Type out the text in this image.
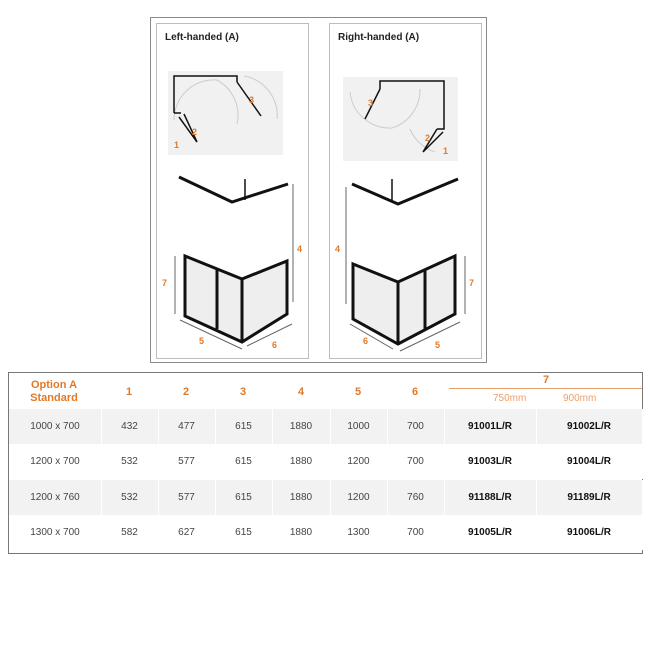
Left-handed (A)
3
2
1
4
7
5	6
Right-handed (A)
3
2
1
4
7
6	5
Option A
Standard	1	2	3	4	5	6
7
750mm	900mm
1000 x 700	432	477	615	1880	1000	700	91001L/R	91002L/R
1200 x 700	532	577	615	1880	1200	700	91003L/R	91004L/R
1200 x 760	532	577	615	1880	1200	760	91188L/R	91189L/R
1300 x 700	582	627	615	1880	1300	700	91005L/R	91006L/R
